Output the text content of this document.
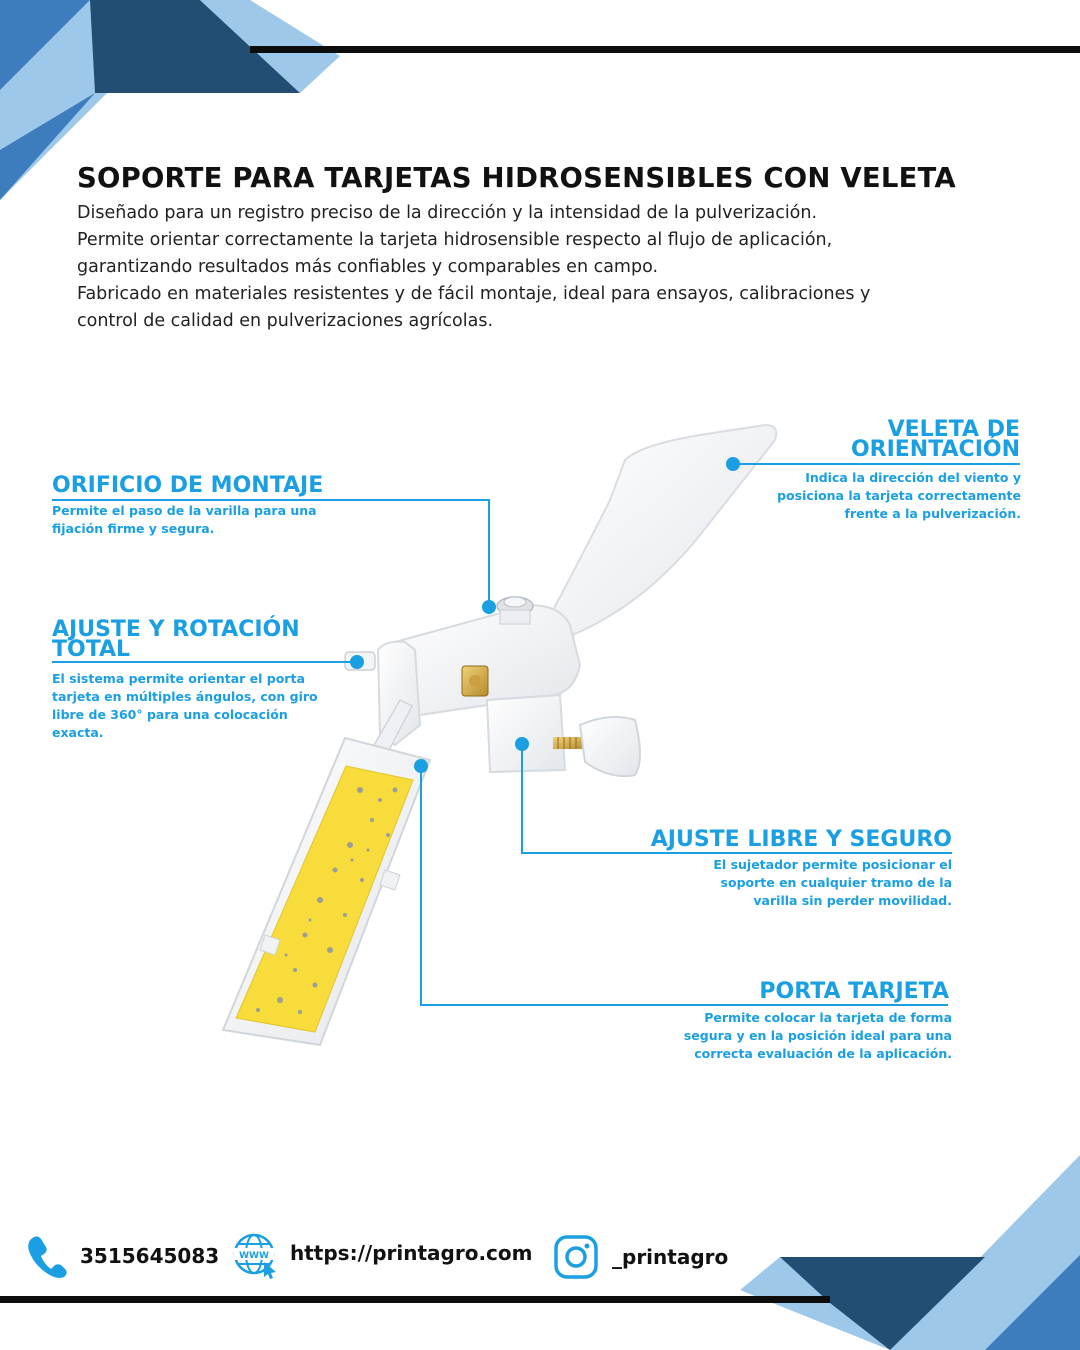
SOPORTE PARA TARJETAS HIDROSENSIBLES CON VELETA

Diseñado para un registro preciso de la dirección y la intensidad de la pulverización.

Permite orientar correctamente la tarjeta hidrosensible respecto al flujo de aplicación,

garantizando resultados más confiables y comparables en campo.

Fabricado en materiales resistentes y de fácil montaje, ideal para ensayos, calibraciones y

control de calidad en pulverizaciones agrícolas.

ORIFICIO DE MONTAJE
Permite el paso de la varilla para una
fijación firme y segura.
AJUSTE Y ROTACIÓN
TOTAL
El sistema permite orientar el porta
tarjeta en múltiples ángulos, con giro
libre de 360° para una colocación
exacta.
VELETA DE
ORIENTACIÓN
Indica la dirección del viento y
posiciona la tarjeta correctamente
frente a la pulverización.
AJUSTE LIBRE Y SEGURO
El sujetador permite posicionar el
soporte en cualquier tramo de la
varilla sin perder movilidad.
PORTA TARJETA
Permite colocar la tarjeta de forma
segura y en la posición ideal para una
correcta evaluación de la aplicación.
3515645083 WWW https://printagro.com	_printagro
